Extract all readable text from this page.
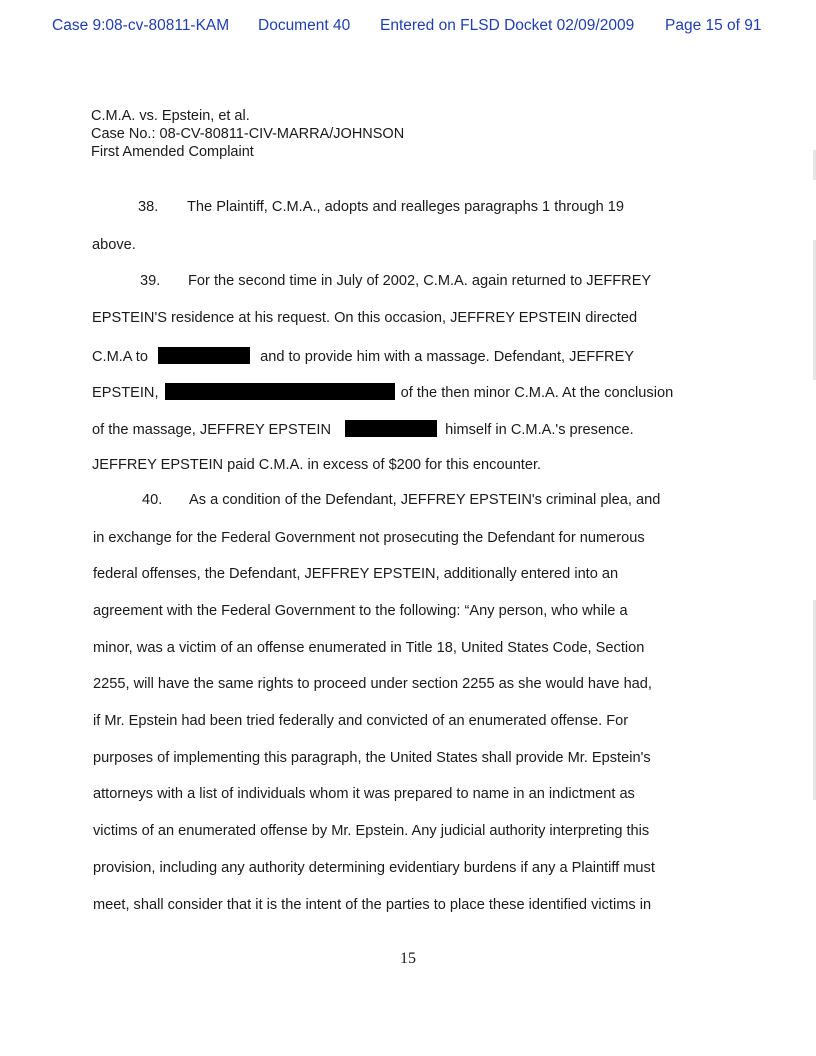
Case 9:08-cv-80811-KAM Document 40 Entered on FLSD Docket 02/09/2009 Page 15 of 91
C.M.A. vs. Epstein, et al.
Case No.: 08-CV-80811-CIV-MARRA/JOHNSON
First Amended Complaint
38. The Plaintiff, C.M.A., adopts and realleges paragraphs 1 through 19
above.
39. For the second time in July of 2002, C.M.A. again returned to JEFFREY
EPSTEIN'S residence at his request. On this occasion, JEFFREY EPSTEIN directed
C.M.A to	and to provide him with a massage. Defendant, JEFFREY
EPSTEIN,	of the then minor C.M.A. At the conclusion
of the massage, JEFFREY EPSTEIN	himself in C.M.A.'s presence.
JEFFREY EPSTEIN paid C.M.A. in excess of $200 for this encounter.
40. As a condition of the Defendant, JEFFREY EPSTEIN's criminal plea, and
in exchange for the Federal Government not prosecuting the Defendant for numerous
federal offenses, the Defendant, JEFFREY EPSTEIN, additionally entered into an
agreement with the Federal Government to the following: “Any person, who while a
minor, was a victim of an offense enumerated in Title 18, United States Code, Section
2255, will have the same rights to proceed under section 2255 as she would have had,
if Mr. Epstein had been tried federally and convicted of an enumerated offense. For
purposes of implementing this paragraph, the United States shall provide Mr. Epstein's
attorneys with a list of individuals whom it was prepared to name in an indictment as
victims of an enumerated offense by Mr. Epstein. Any judicial authority interpreting this
provision, including any authority determining evidentiary burdens if any a Plaintiff must
meet, shall consider that it is the intent of the parties to place these identified victims in
15
